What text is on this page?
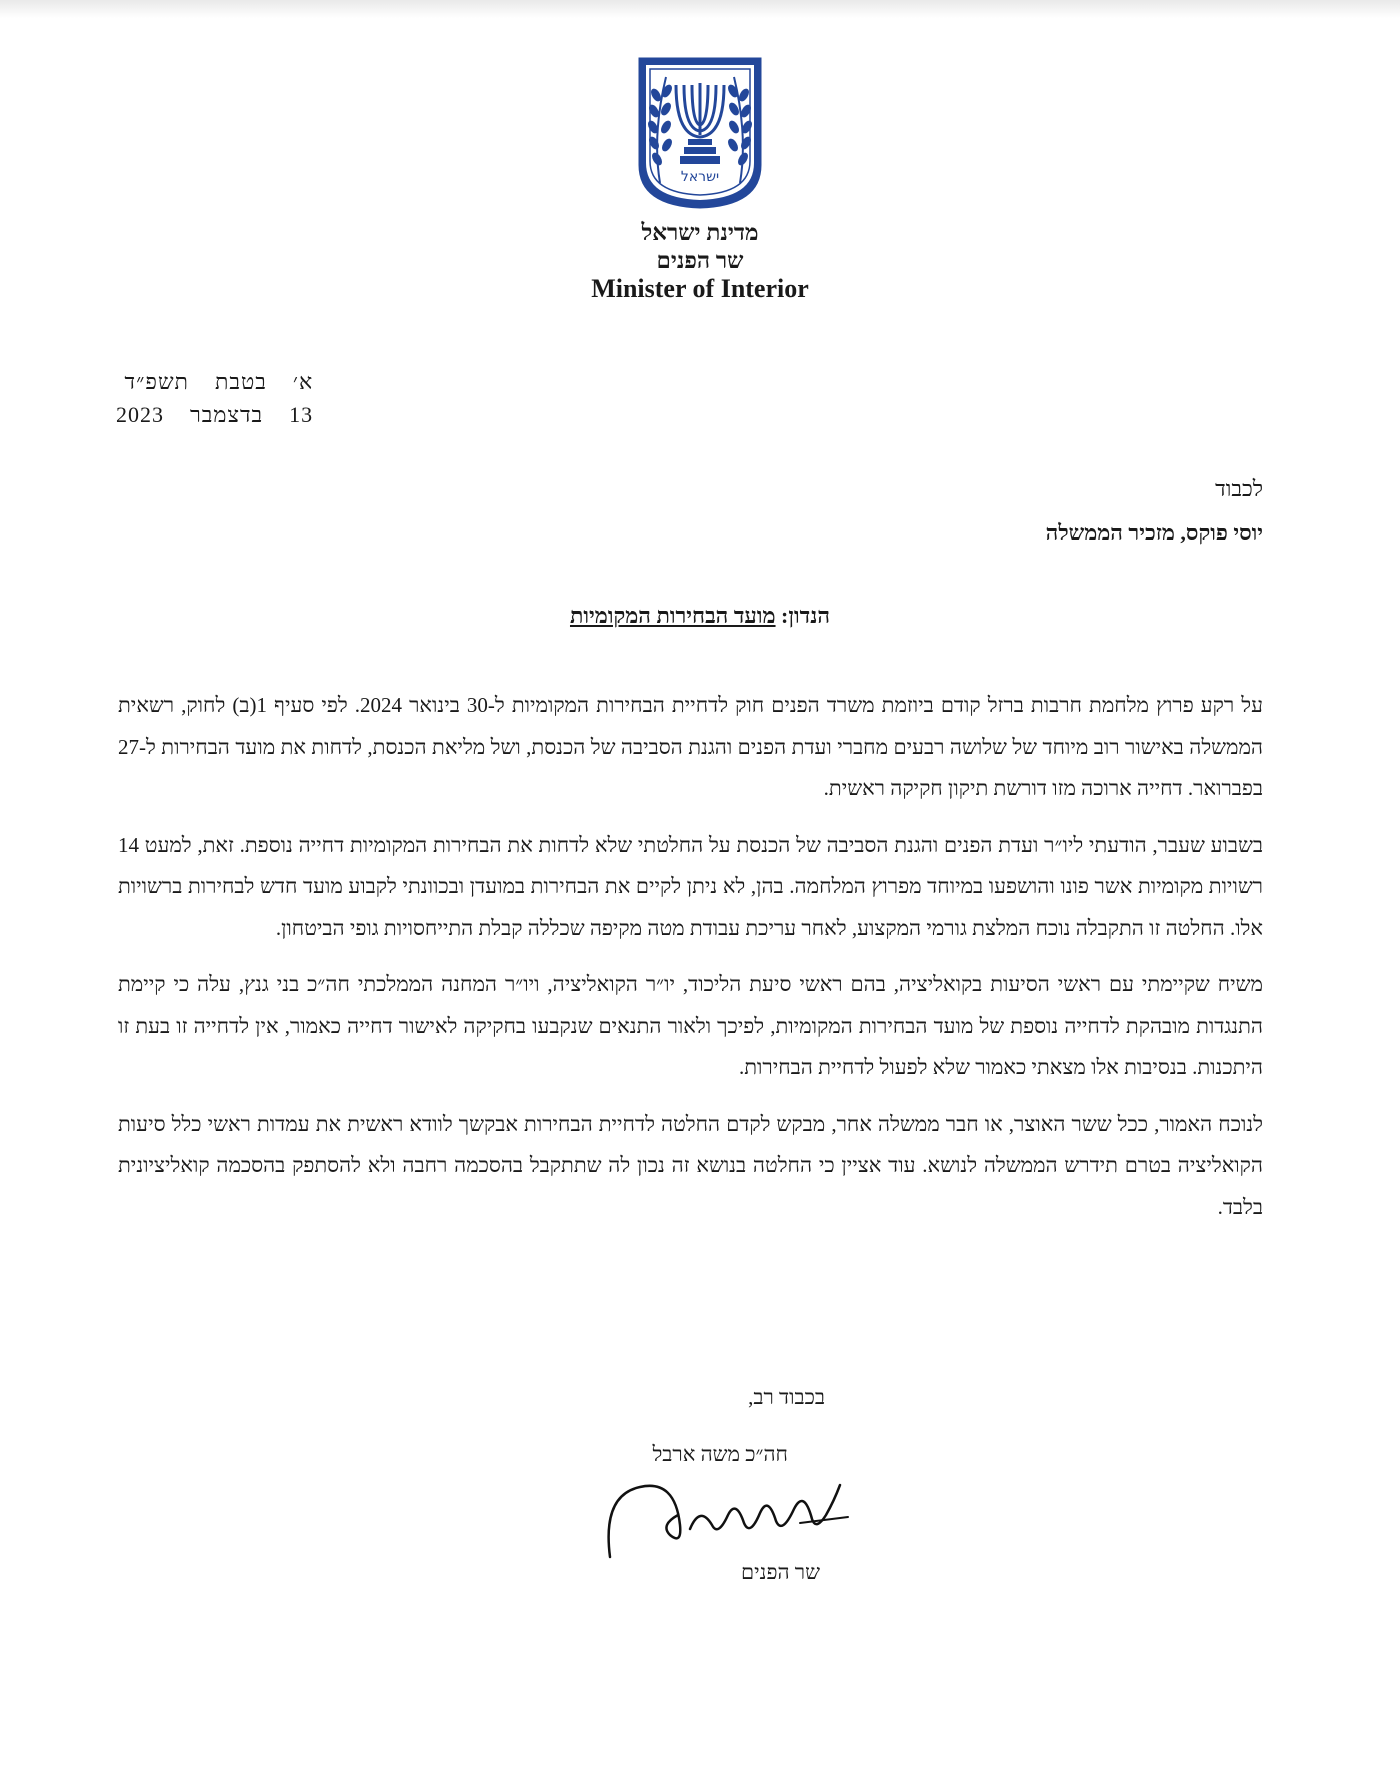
ישראל
מדינת ישראל
שר הפנים
Minister of Interior
א׳
בטבת
תשפ״ד
13
בדצמבר
2023
לכבוד
יוסי פוקס, מזכיר הממשלה
הנדון: מועד הבחירות המקומיות

על רקע פרוץ מלחמת חרבות ברזל קודם ביוזמת משרד הפנים חוק לדחיית הבחירות המקומיות ל-30 בינואר 2024. לפי סעיף 1(ב) לחוק, רשאית הממשלה באישור רוב מיוחד של שלושה רבעים מחברי ועדת הפנים והגנת הסביבה של הכנסת, ושל מליאת הכנסת, לדחות את מועד הבחירות ל-27 בפברואר. דחייה ארוכה מזו דורשת תיקון חקיקה ראשית.

בשבוע שעבר, הודעתי ליו״ר ועדת הפנים והגנת הסביבה של הכנסת על החלטתי שלא לדחות את הבחירות המקומיות דחייה נוספת. זאת, למעט 14 רשויות מקומיות אשר פונו והושפעו במיוחד מפרוץ המלחמה. בהן, לא ניתן לקיים את הבחירות במועדן ובכוונתי לקבוע מועד חדש לבחירות ברשויות אלו. החלטה זו התקבלה נוכח המלצת גורמי המקצוע, לאחר עריכת עבודת מטה מקיפה שכללה קבלת התייחסויות גופי הביטחון.

משיח שקיימתי עם ראשי הסיעות בקואליציה, בהם ראשי סיעת הליכוד, יו״ר הקואליציה, ויו״ר המחנה הממלכתי חה״כ בני גנץ, עלה כי קיימת התנגדות מובהקת לדחייה נוספת של מועד הבחירות המקומיות, לפיכך ולאור התנאים שנקבעו בחקיקה לאישור דחייה כאמור, אין לדחייה זו בעת זו היתכנות. בנסיבות אלו מצאתי כאמור שלא לפעול לדחיית הבחירות.

לנוכח האמור, ככל ששר האוצר, או חבר ממשלה אחר, מבקש לקדם החלטה לדחיית הבחירות אבקשך לוודא ראשית את עמדות ראשי כלל סיעות הקואליציה בטרם תידרש הממשלה לנושא. עוד אציין כי החלטה בנושא זה נכון לה שתתקבל בהסכמה רחבה ולא להסתפק בהסכמה קואליציונית בלבד.

בכבוד רב,
חה״כ משה ארבל
שר הפנים
